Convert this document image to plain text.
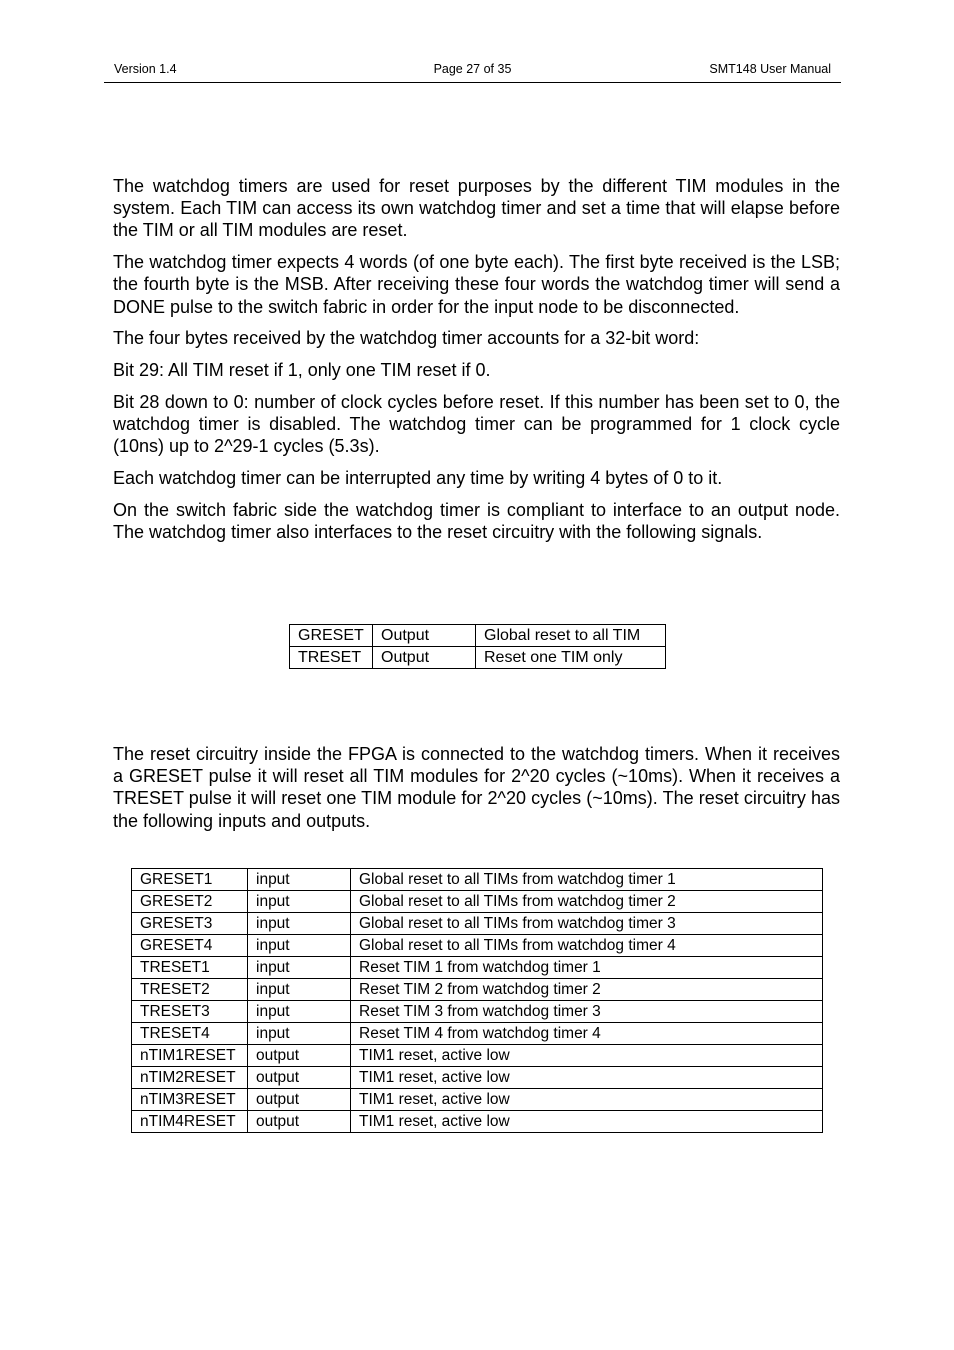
Version 1.4	Page 27 of 35	SMT148 User Manual

The watchdog timers are used for reset purposes by the different TIM modules in the system. Each TIM can access its own watchdog timer and set a time that will elapse before the TIM or all TIM modules are reset.

The watchdog timer expects 4 words (of one byte each). The first byte received is the LSB; the fourth byte is the MSB. After receiving these four words the watchdog timer will send a DONE pulse to the switch fabric in order for the input node to be disconnected.

The four bytes received by the watchdog timer accounts for a 32-bit word:

Bit 29: All TIM reset if 1, only one TIM reset if 0.

Bit 28 down to 0: number of clock cycles before reset. If this number has been set to 0, the watchdog timer is disabled. The watchdog timer can be programmed for 1 clock cycle (10ns) up to 2^29-1 cycles (5.3s).

Each watchdog timer can be interrupted any time by writing 4 bytes of 0 to it.

On the switch fabric side the watchdog timer is compliant to interface to an output node. The watchdog timer also interfaces to the reset circuitry with the following signals.

GRESET	Output	Global reset to all TIM
TRESET	Output	Reset one TIM only

The reset circuitry inside the FPGA is connected to the watchdog timers. When it receives a GRESET pulse it will reset all TIM modules for 2^20 cycles (~10ms). When it receives a TRESET pulse it will reset one TIM module for 2^20 cycles (~10ms). The reset circuitry has the following inputs and outputs.

GRESET1	input	Global reset to all TIMs from watchdog timer 1
GRESET2	input	Global reset to all TIMs from watchdog timer 2
GRESET3	input	Global reset to all TIMs from watchdog timer 3
GRESET4	input	Global reset to all TIMs from watchdog timer 4
TRESET1	input	Reset TIM 1 from watchdog timer 1
TRESET2	input	Reset TIM 2 from watchdog timer 2
TRESET3	input	Reset TIM 3 from watchdog timer 3
TRESET4	input	Reset TIM 4 from watchdog timer 4
nTIM1RESET	output	TIM1 reset, active low
nTIM2RESET	output	TIM1 reset, active low
nTIM3RESET	output	TIM1 reset, active low
nTIM4RESET	output	TIM1 reset, active low
